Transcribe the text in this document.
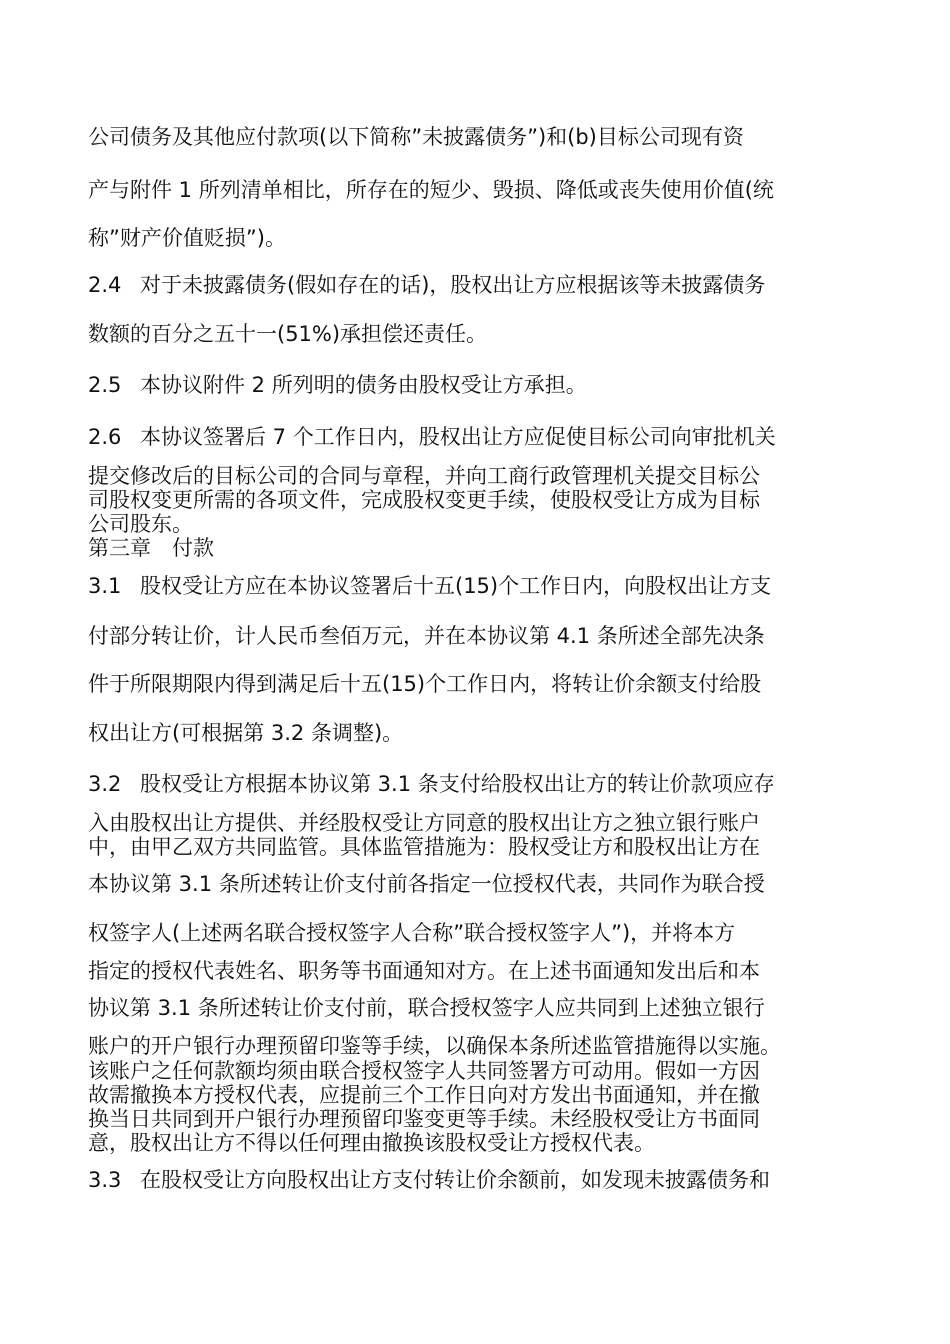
公司债务及其他应付款项(以下简称”未披露债务”)和(b)目标公司现有资
产与附件 1 所列清单相比，所存在的短少、毁损、降低或丧失使用价值(统
称”财产价值贬损”)。
2.4 对于未披露债务(假如存在的话)，股权出让方应根据该等未披露债务
数额的百分之五十一(51%)承担偿还责任。
2.5 本协议附件 2 所列明的债务由股权受让方承担。
2.6 本协议签署后 7 个工作日内，股权出让方应促使目标公司向审批机关
提交修改后的目标公司的合同与章程，并向工商行政管理机关提交目标公
司股权变更所需的各项文件，完成股权变更手续，使股权受让方成为目标
公司股东。
第三章　付款
3.1 股权受让方应在本协议签署后十五(15)个工作日内，向股权出让方支
付部分转让价，计人民币叁佰万元，并在本协议第 4.1 条所述全部先决条
件于所限期限内得到满足后十五(15)个工作日内，将转让价余额支付给股
权出让方(可根据第 3.2 条调整)。
3.2 股权受让方根据本协议第 3.1 条支付给股权出让方的转让价款项应存
入由股权出让方提供、并经股权受让方同意的股权出让方之独立银行账户
中，由甲乙双方共同监管。具体监管措施为：股权受让方和股权出让方在
本协议第 3.1 条所述转让价支付前各指定一位授权代表，共同作为联合授
权签字人(上述两名联合授权签字人合称”联合授权签字人”)，并将本方
指定的授权代表姓名、职务等书面通知对方。在上述书面通知发出后和本
协议第 3.1 条所述转让价支付前，联合授权签字人应共同到上述独立银行
账户的开户银行办理预留印鉴等手续，以确保本条所述监管措施得以实施。
该账户之任何款额均须由联合授权签字人共同签署方可动用。假如一方因
故需撤换本方授权代表，应提前三个工作日向对方发出书面通知，并在撤
换当日共同到开户银行办理预留印鉴变更等手续。未经股权受让方书面同
意，股权出让方不得以任何理由撤换该股权受让方授权代表。
3.3 在股权受让方向股权出让方支付转让价余额前，如发现未披露债务和
